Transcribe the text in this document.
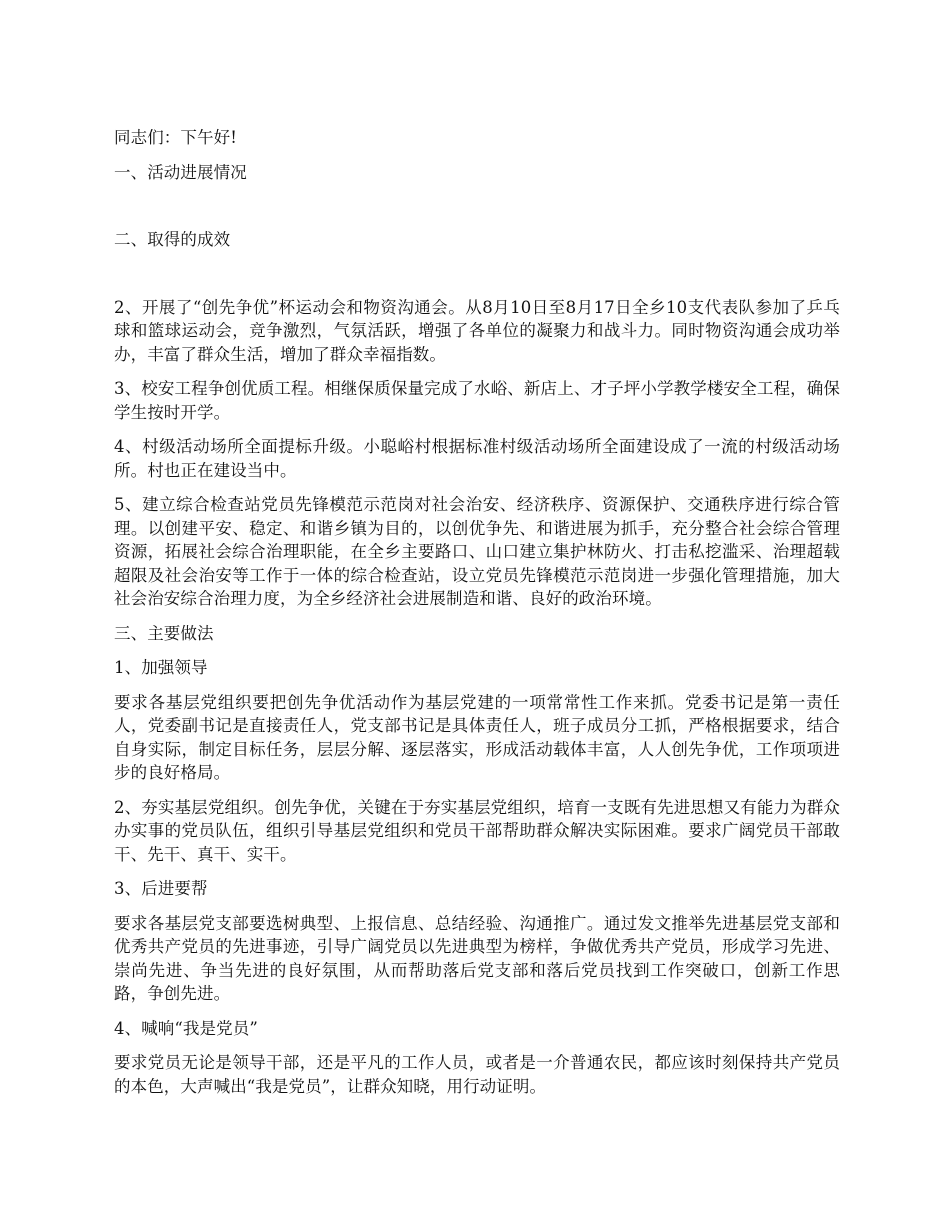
同志们：下午好!

一、活动进展情况

二、取得的成效

2、开展了“创先争优”杯运动会和物资沟通会。从8月10日至8月17日全乡10支代表队参加了乒乓球和篮球运动会，竞争激烈，气氛活跃，增强了各单位的凝聚力和战斗力。同时物资沟通会成功举办，丰富了群众生活，增加了群众幸福指数。

3、校安工程争创优质工程。相继保质保量完成了水峪、新店上、才子坪小学教学楼安全工程，确保学生按时开学。

4、村级活动场所全面提标升级。小聪峪村根据标准村级活动场所全面建设成了一流的村级活动场所。村也正在建设当中。

5、建立综合检查站党员先锋模范示范岗对社会治安、经济秩序、资源保护、交通秩序进行综合管理。以创建平安、稳定、和谐乡镇为目的，以创优争先、和谐进展为抓手，充分整合社会综合管理资源，拓展社会综合治理职能，在全乡主要路口、山口建立集护林防火、打击私挖滥采、治理超载超限及社会治安等工作于一体的综合检查站，设立党员先锋模范示范岗进一步强化管理措施，加大社会治安综合治理力度，为全乡经济社会进展制造和谐、良好的政治环境。

三、主要做法

1、加强领导

要求各基层党组织要把创先争优活动作为基层党建的一项常常性工作来抓。党委书记是第一责任人，党委副书记是直接责任人，党支部书记是具体责任人，班子成员分工抓，严格根据要求，结合自身实际，制定目标任务，层层分解、逐层落实，形成活动载体丰富，人人创先争优，工作项项进步的良好格局。

2、夯实基层党组织。创先争优，关键在于夯实基层党组织，培育一支既有先进思想又有能力为群众办实事的党员队伍，组织引导基层党组织和党员干部帮助群众解决实际困难。要求广阔党员干部敢干、先干、真干、实干。

3、后进要帮

要求各基层党支部要选树典型、上报信息、总结经验、沟通推广。通过发文推举先进基层党支部和优秀共产党员的先进事迹，引导广阔党员以先进典型为榜样，争做优秀共产党员，形成学习先进、崇尚先进、争当先进的良好氛围，从而帮助落后党支部和落后党员找到工作突破口，创新工作思路，争创先进。

4、喊响“我是党员”

要求党员无论是领导干部，还是平凡的工作人员，或者是一介普通农民，都应该时刻保持共产党员的本色，大声喊出“我是党员”，让群众知晓，用行动证明。
